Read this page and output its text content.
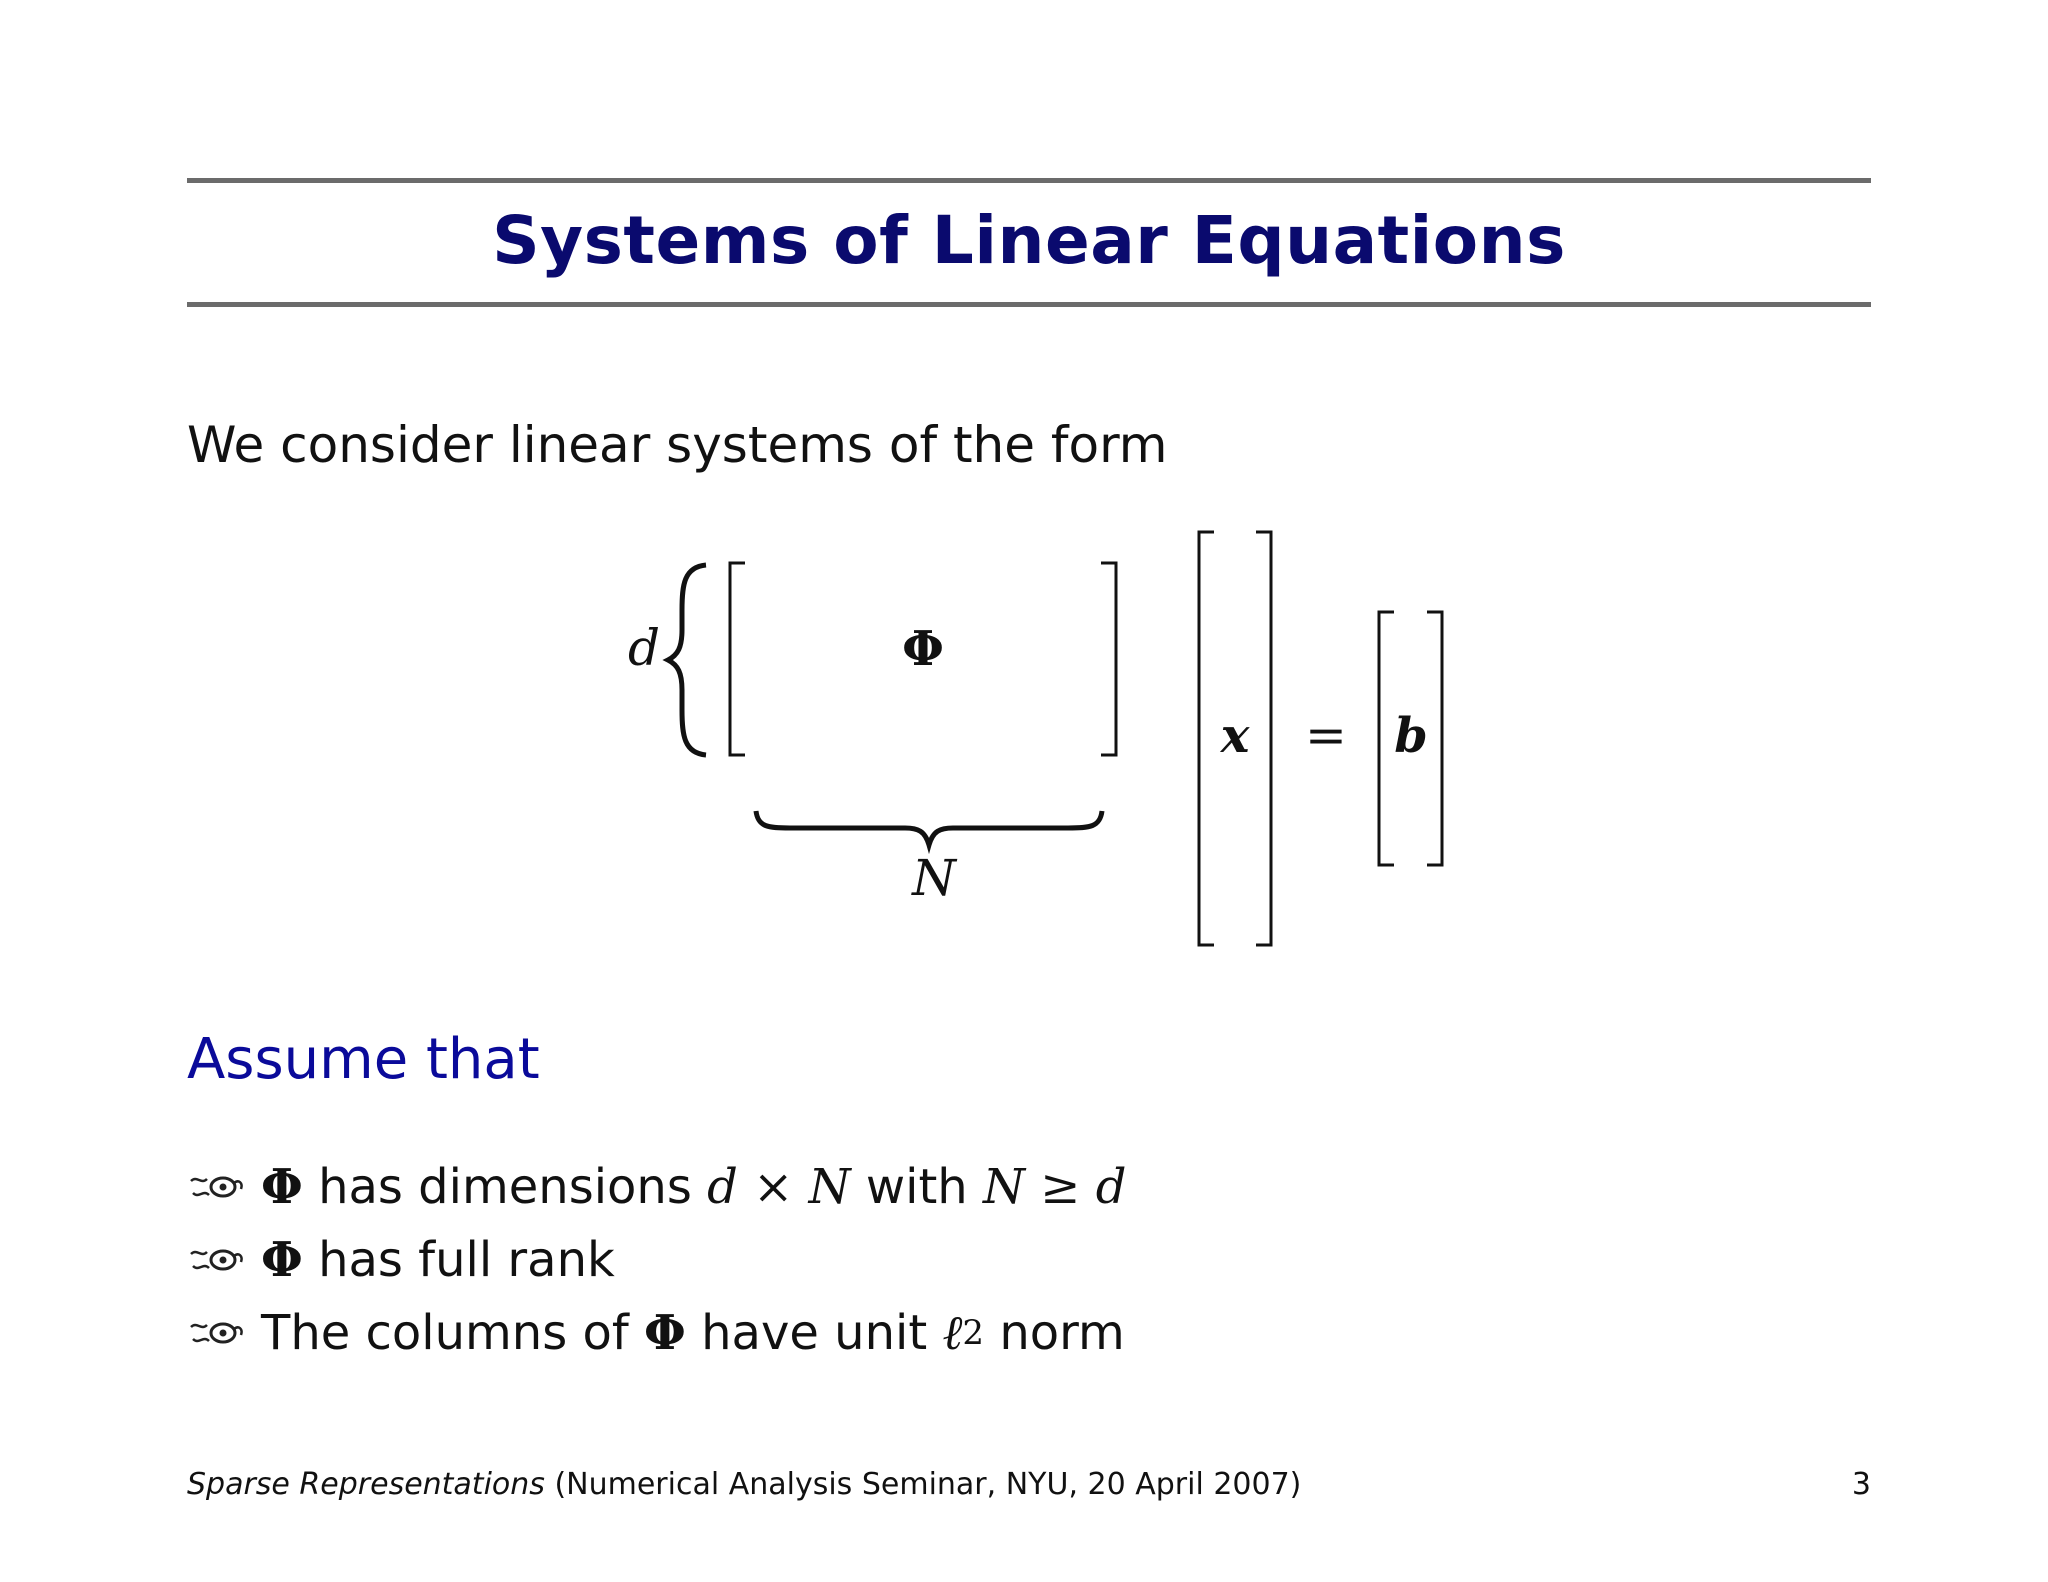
Systems of Linear Equations
We consider linear systems of the form
d	Φ
N
x = b
Assume that
Φ
has dimensions
d
×
N
with
N
≥
d
Φ
has full rank
The columns of
Φ
have unit
ℓ 2
norm
Sparse Representations (Numerical Analysis Seminar, NYU, 20 April 2007)	3
